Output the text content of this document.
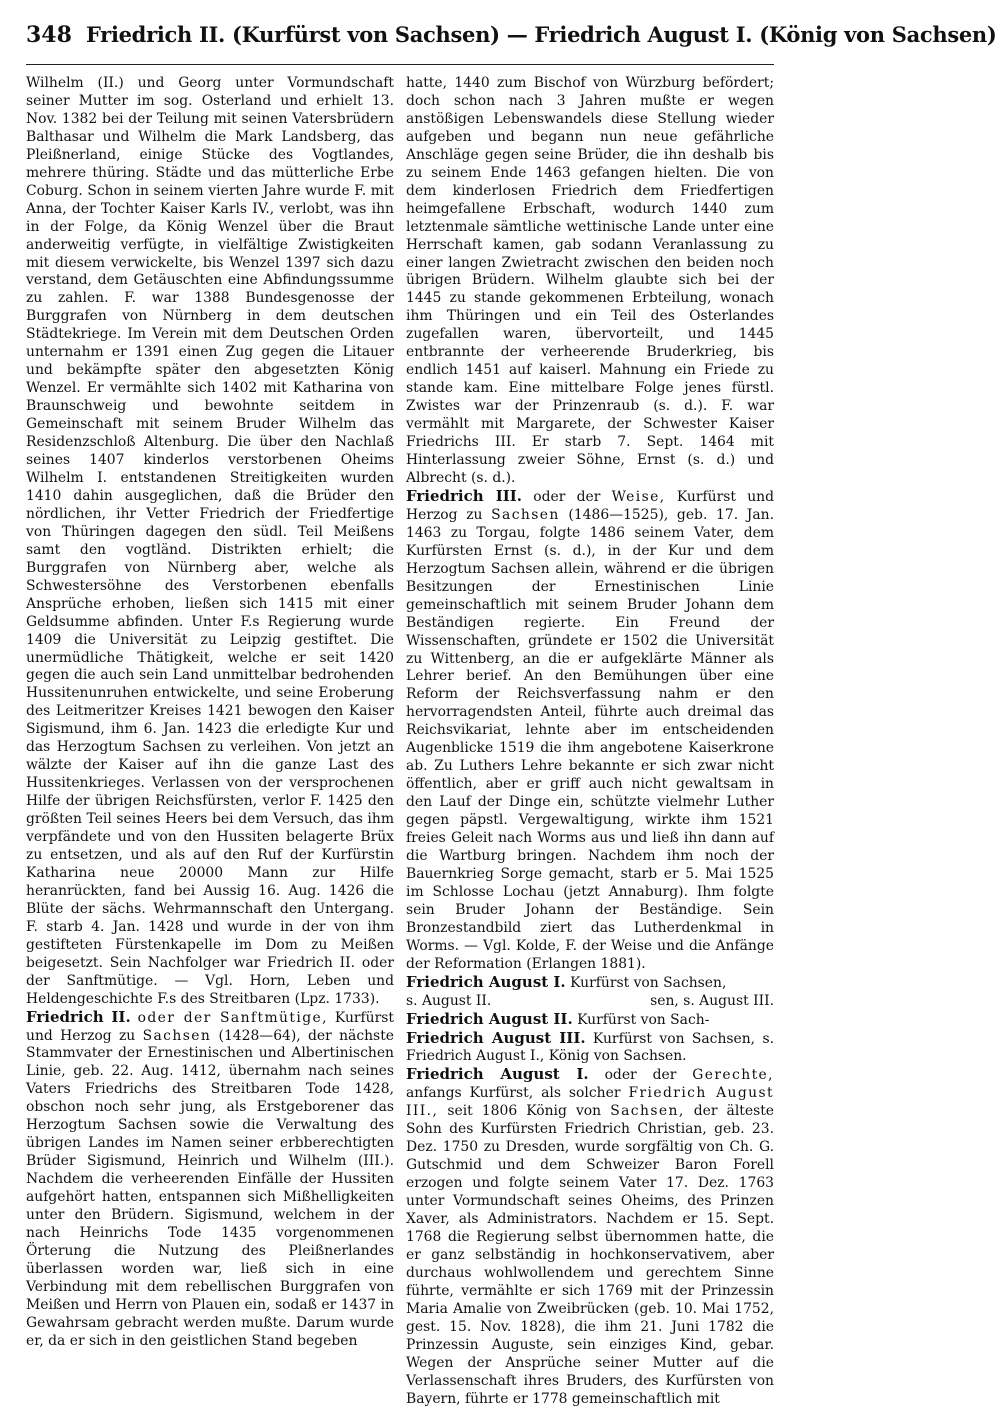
348 Friedrich II. (Kurfürst von Sachsen) — Friedrich August I. (König von Sachsen)

Wilhelm (II.) und Georg unter Vormundschaft seiner Mutter im sog. Osterland und erhielt 13. Nov. 1382 bei der Teilung mit seinen Vatersbrüdern Balthasar und Wilhelm die Mark Landsberg, das Pleißnerland, einige Stücke des Vogtlandes, mehrere thüring. Städte und das mütterliche Erbe Coburg. Schon in seinem vierten Jahre wurde F. mit Anna, der Tochter Kaiser Karls IV., verlobt, was ihn in der Folge, da König Wenzel über die Braut anderweitig verfügte, in vielfältige Zwistigkeiten mit diesem verwickelte, bis Wenzel 1397 sich dazu verstand, dem Getäuschten eine Abfindungssumme zu zahlen. F. war 1388 Bundesgenosse der Burggrafen von Nürnberg in dem deutschen Städtekriege. Im Verein mit dem Deutschen Orden unternahm er 1391 einen Zug gegen die Litauer und bekämpfte später den abgesetzten König Wenzel. Er vermählte sich 1402 mit Katharina von Braunschweig und bewohnte seitdem in Gemeinschaft mit seinem Bruder Wilhelm das Residenzschloß Altenburg. Die über den Nachlaß seines 1407 kinderlos verstorbenen Oheims Wilhelm I. entstandenen Streitigkeiten wurden 1410 dahin ausgeglichen, daß die Brüder den nördlichen, ihr Vetter Friedrich der Friedfertige von Thüringen dagegen den südl. Teil Meißens samt den vogtländ. Distrikten erhielt; die Burggrafen von Nürnberg aber, welche als Schwestersöhne des Verstorbenen ebenfalls Ansprüche erhoben, ließen sich 1415 mit einer Geldsumme abfinden. Unter F.s Regierung wurde 1409 die Universität zu Leipzig gestiftet. Die unermüdliche Thätigkeit, welche er seit 1420 gegen die auch sein Land unmittelbar bedrohenden Hussitenunruhen entwickelte, und seine Eroberung des Leitmeritzer Kreises 1421 bewogen den Kaiser Sigismund, ihm 6. Jan. 1423 die erledigte Kur und das Herzogtum Sachsen zu verleihen. Von jetzt an wälzte der Kaiser auf ihn die ganze Last des Hussitenkrieges. Verlassen von der versprochenen Hilfe der übrigen Reichsfürsten, verlor F. 1425 den größten Teil seines Heers bei dem Versuch, das ihm verpfändete und von den Hussiten belagerte Brüx zu entsetzen, und als auf den Ruf der Kurfürstin Katharina neue 20000 Mann zur Hilfe heranrückten, fand bei Aussig 16. Aug. 1426 die Blüte der sächs. Wehrmannschaft den Untergang. F. starb 4. Jan. 1428 und wurde in der von ihm gestifteten Fürstenkapelle im Dom zu Meißen beigesetzt. Sein Nachfolger war Friedrich II. oder der Sanftmütige. — Vgl. Horn, Leben und Heldengeschichte F.s des Streitbaren (Lpz. 1733).

Friedrich II. oder der Sanftmütige, Kurfürst und Herzog zu Sachsen (1428—64), der nächste Stammvater der Ernestinischen und Albertinischen Linie, geb. 22. Aug. 1412, übernahm nach seines Vaters Friedrichs des Streitbaren Tode 1428, obschon noch sehr jung, als Erstgeborener das Herzogtum Sachsen sowie die Verwaltung des übrigen Landes im Namen seiner erbberechtigten Brüder Sigismund, Heinrich und Wilhelm (III.). Nachdem die verheerenden Einfälle der Hussiten aufgehört hatten, entspannen sich Mißhelligkeiten unter den Brüdern. Sigismund, welchem in der nach Heinrichs Tode 1435 vorgenommenen Örterung die Nutzung des Pleißnerlandes überlassen worden war, ließ sich in eine Verbindung mit dem rebellischen Burggrafen von Meißen und Herrn von Plauen ein, sodaß er 1437 in Gewahrsam gebracht werden mußte. Darum wurde er, da er sich in den geistlichen Stand begeben

hatte, 1440 zum Bischof von Würzburg befördert; doch schon nach 3 Jahren mußte er wegen anstößigen Lebenswandels diese Stellung wieder aufgeben und begann nun neue gefährliche Anschläge gegen seine Brüder, die ihn deshalb bis zu seinem Ende 1463 gefangen hielten. Die von dem kinderlosen Friedrich dem Friedfertigen heimgefallene Erbschaft, wodurch 1440 zum letztenmale sämtliche wettinische Lande unter eine Herrschaft kamen, gab sodann Veranlassung zu einer langen Zwietracht zwischen den beiden noch übrigen Brüdern. Wilhelm glaubte sich bei der 1445 zu stande gekommenen Erbteilung, wonach ihm Thüringen und ein Teil des Osterlandes zugefallen waren, übervorteilt, und 1445 entbrannte der verheerende Bruderkrieg, bis endlich 1451 auf kaiserl. Mahnung ein Friede zu stande kam. Eine mittelbare Folge jenes fürstl. Zwistes war der Prinzenraub (s. d.). F. war vermählt mit Margarete, der Schwester Kaiser Friedrichs III. Er starb 7. Sept. 1464 mit Hinterlassung zweier Söhne, Ernst (s. d.) und Albrecht (s. d.).

Friedrich III. oder der Weise, Kurfürst und Herzog zu Sachsen (1486—1525), geb. 17. Jan. 1463 zu Torgau, folgte 1486 seinem Vater, dem Kurfürsten Ernst (s. d.), in der Kur und dem Herzogtum Sachsen allein, während er die übrigen Besitzungen der Ernestinischen Linie gemeinschaftlich mit seinem Bruder Johann dem Beständigen regierte. Ein Freund der Wissenschaften, gründete er 1502 die Universität zu Wittenberg, an die er aufgeklärte Männer als Lehrer berief. An den Bemühungen über eine Reform der Reichsverfassung nahm er den hervorragendsten Anteil, führte auch dreimal das Reichsvikariat, lehnte aber im entscheidenden Augenblicke 1519 die ihm angebotene Kaiserkrone ab. Zu Luthers Lehre bekannte er sich zwar nicht öffentlich, aber er griff auch nicht gewaltsam in den Lauf der Dinge ein, schützte vielmehr Luther gegen päpstl. Vergewaltigung, wirkte ihm 1521 freies Geleit nach Worms aus und ließ ihn dann auf die Wartburg bringen. Nachdem ihm noch der Bauernkrieg Sorge gemacht, starb er 5. Mai 1525 im Schlosse Lochau (jetzt Annaburg). Ihm folgte sein Bruder Johann der Beständige. Sein Bronzestandbild ziert das Lutherdenkmal in Worms. — Vgl. Kolde, F. der Weise und die Anfänge der Reformation (Erlangen 1881).

Friedrich August I. Kurfürst von Sachsen,

s. August II.	sen, s. August III.

Friedrich August II. Kurfürst von Sach-

Friedrich August III. Kurfürst von Sachsen, s. Friedrich August I., König von Sachsen.

Friedrich August I. oder der Gerechte, anfangs Kurfürst, als solcher Friedrich August III., seit 1806 König von Sachsen, der älteste Sohn des Kurfürsten Friedrich Christian, geb. 23. Dez. 1750 zu Dresden, wurde sorgfältig von Ch. G. Gutschmid und dem Schweizer Baron Forell erzogen und folgte seinem Vater 17. Dez. 1763 unter Vormundschaft seines Oheims, des Prinzen Xaver, als Administrators. Nachdem er 15. Sept. 1768 die Regierung selbst übernommen hatte, die er ganz selbständig in hochkonservativem, aber durchaus wohlwollendem und gerechtem Sinne führte, vermählte er sich 1769 mit der Prinzessin Maria Amalie von Zweibrücken (geb. 10. Mai 1752, gest. 15. Nov. 1828), die ihm 21. Juni 1782 die Prinzessin Auguste, sein einziges Kind, gebar. Wegen der Ansprüche seiner Mutter auf die Verlassenschaft ihres Bruders, des Kurfürsten von Bayern, führte er 1778 gemeinschaftlich mit
